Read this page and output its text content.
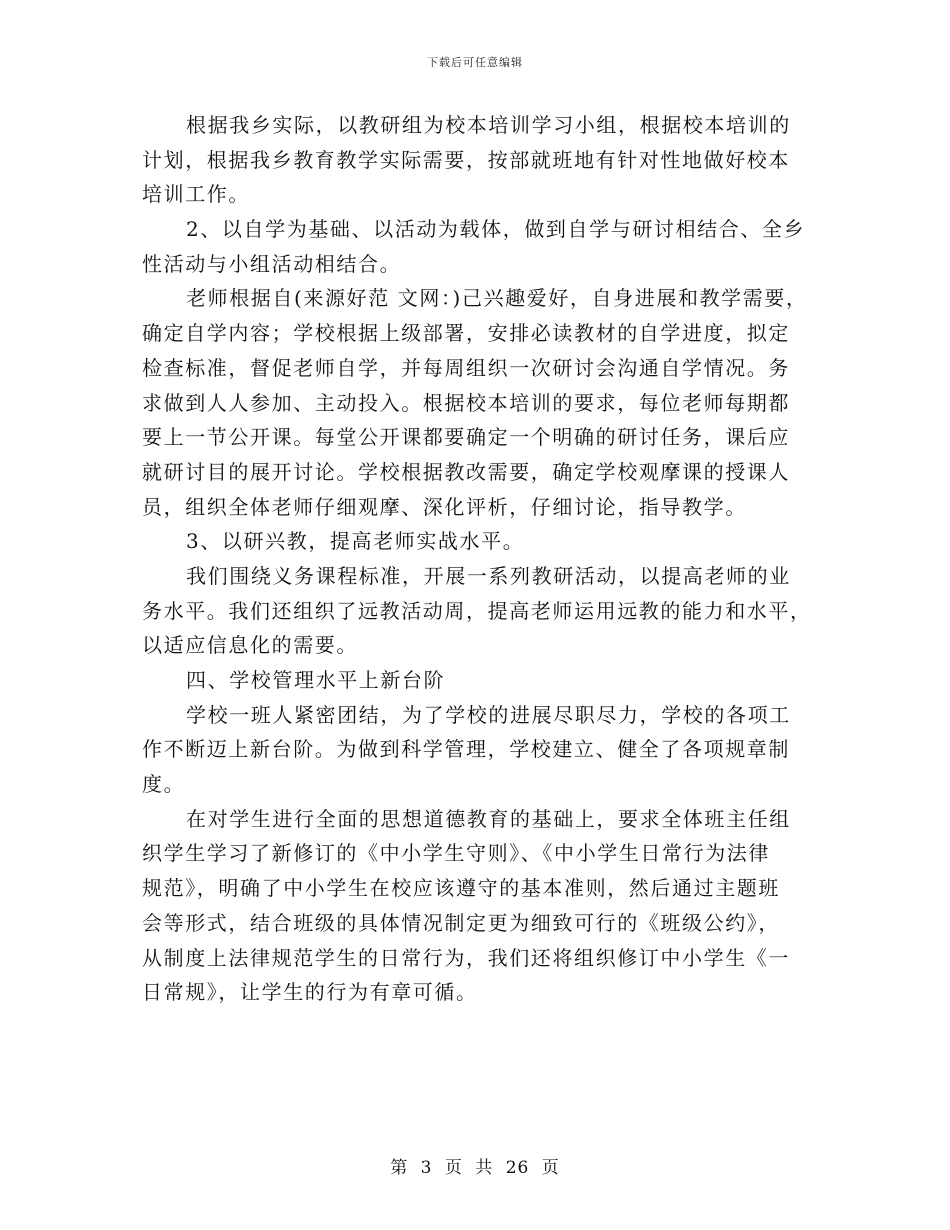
下载后可任意编辑
根据我乡实际，以教研组为校本培训学习小组，根据校本培训的
计划，根据我乡教育教学实际需要，按部就班地有针对性地做好校本
培训工作。
2、以自学为基础、以活动为载体，做到自学与研讨相结合、全乡
性活动与小组活动相结合。
老师根据自(来源好范 文网：)己兴趣爱好，自身进展和教学需要，
确定自学内容；学校根据上级部署，安排必读教材的自学进度，拟定
检查标准，督促老师自学，并每周组织一次研讨会沟通自学情况。务
求做到人人参加、主动投入。根据校本培训的要求，每位老师每期都
要上一节公开课。每堂公开课都要确定一个明确的研讨任务，课后应
就研讨目的展开讨论。学校根据教改需要，确定学校观摩课的授课人
员，组织全体老师仔细观摩、深化评析，仔细讨论，指导教学。
3、以研兴教，提高老师实战水平。
我们围绕义务课程标准，开展一系列教研活动，以提高老师的业
务水平。我们还组织了远教活动周，提高老师运用远教的能力和水平，
以适应信息化的需要。
四、学校管理水平上新台阶
学校一班人紧密团结，为了学校的进展尽职尽力，学校的各项工
作不断迈上新台阶。为做到科学管理，学校建立、健全了各项规章制
度。
在对学生进行全面的思想道德教育的基础上，要求全体班主任组
织学生学习了新修订的《中小学生守则》、《中小学生日常行为法律
规范》，明确了中小学生在校应该遵守的基本准则，然后通过主题班
会等形式，结合班级的具体情况制定更为细致可行的《班级公约》，
从制度上法律规范学生的日常行为，我们还将组织修订中小学生《一
日常规》，让学生的行为有章可循。
第 3 页 共 26 页
